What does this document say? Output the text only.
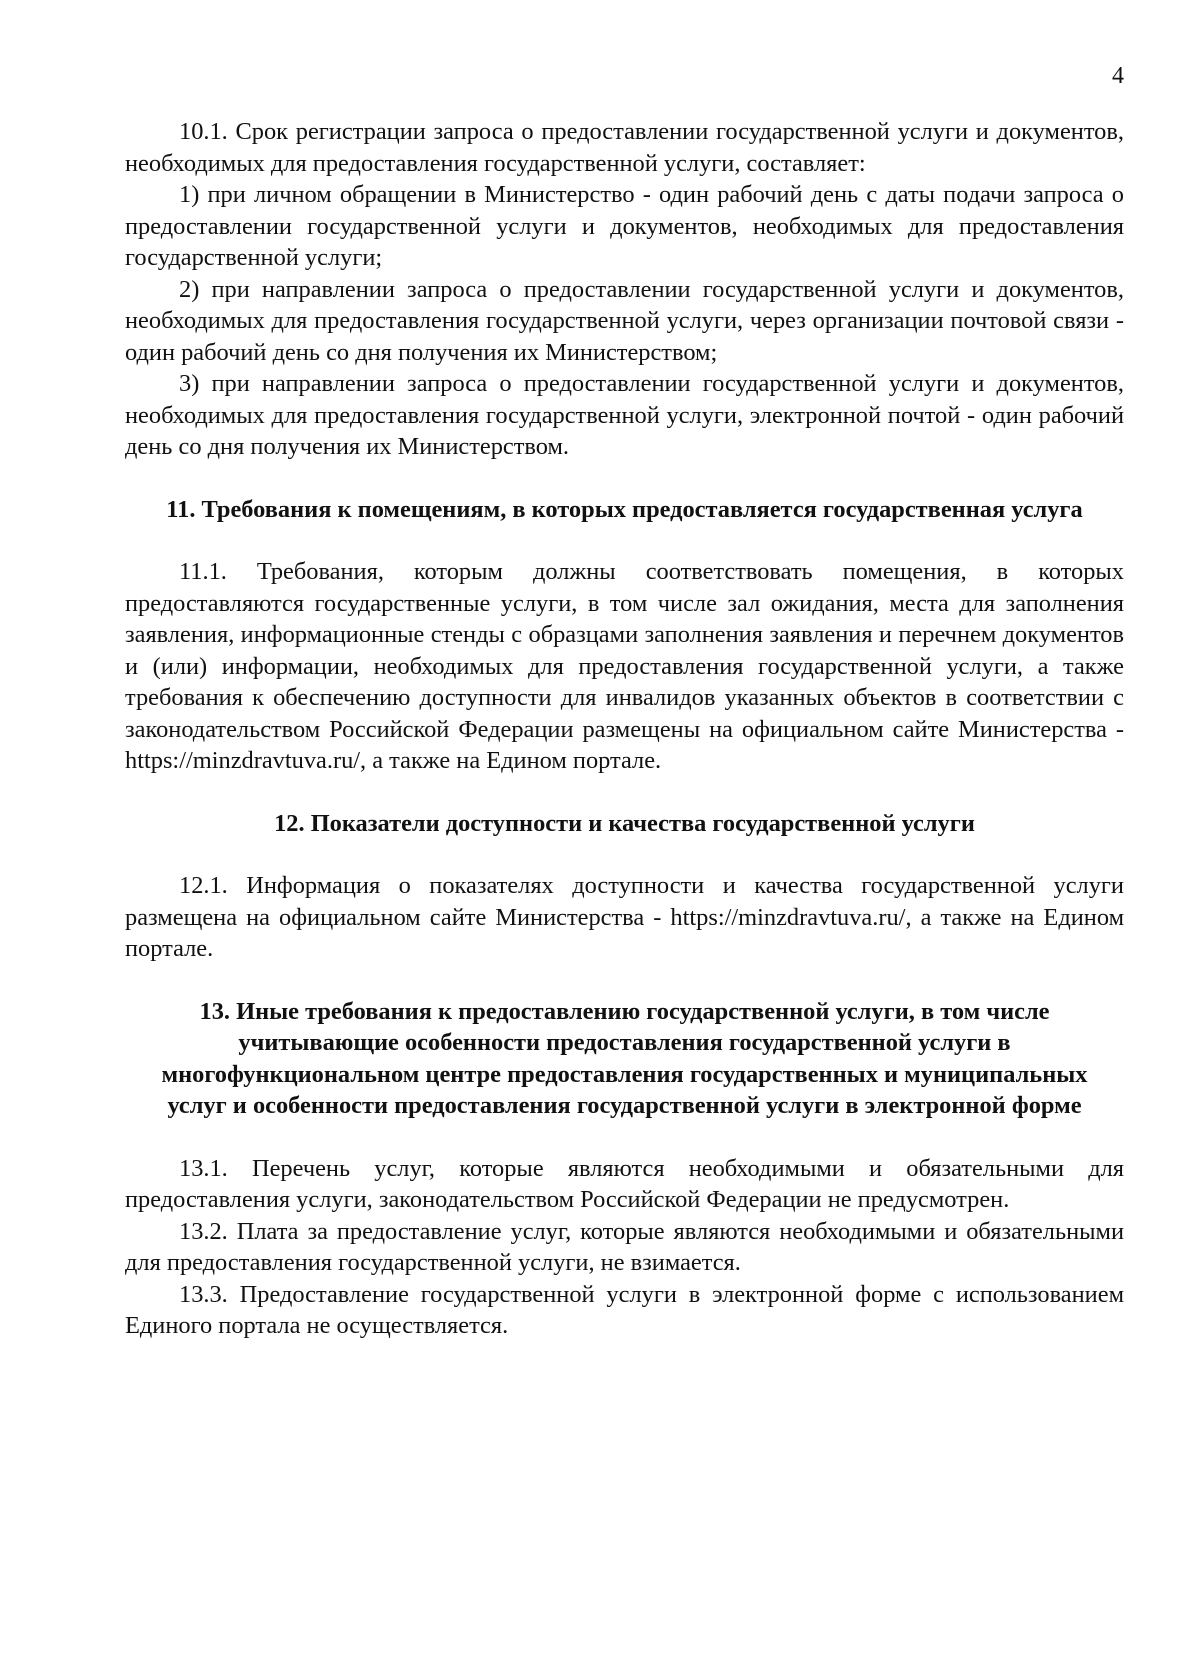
4

10.1. Срок регистрации запроса о предоставлении государственной услуги и документов, необходимых для предоставления государственной услуги, составляет:

1) при личном обращении в Министерство - один рабочий день с даты подачи запроса о предоставлении государственной услуги и документов, необходимых для предоставления государственной услуги;

2) при направлении запроса о предоставлении государственной услуги и документов, необходимых для предоставления государственной услуги, через организации почтовой связи - один рабочий день со дня получения их Министерством;

3) при направлении запроса о предоставлении государственной услуги и документов, необходимых для предоставления государственной услуги, электронной почтой - один рабочий день со дня получения их Министерством.

11. Требования к помещениям, в которых предоставляется государственная услуга

11.1. Требования, которым должны соответствовать помещения, в которых предоставляются государственные услуги, в том числе зал ожидания, места для заполнения заявления, информационные стенды с образцами заполнения заявления и перечнем документов и (или) информации, необходимых для предоставления государственной услуги, а также требования к обеспечению доступности для инвалидов указанных объектов в соответствии с законодательством Российской Федерации размещены на официальном сайте Министерства - https://minzdravtuva.ru/, а также на Едином портале.

12. Показатели доступности и качества государственной услуги

12.1. Информация о показателях доступности и качества государственной услуги размещена на официальном сайте Министерства - https://minzdravtuva.ru/, а также на Едином портале.

13. Иные требования к предоставлению государственной услуги, в том числе учитывающие особенности предоставления государственной услуги в многофункциональном центре предоставления государственных и муниципальных услуг и особенности предоставления государственной услуги в электронной форме

13.1. Перечень услуг, которые являются необходимыми и обязательными для предоставления услуги, законодательством Российской Федерации не предусмотрен.

13.2. Плата за предоставление услуг, которые являются необходимыми и обязательными для предоставления государственной услуги, не взимается.

13.3. Предоставление государственной услуги в электронной форме с использованием Единого портала не осуществляется.
